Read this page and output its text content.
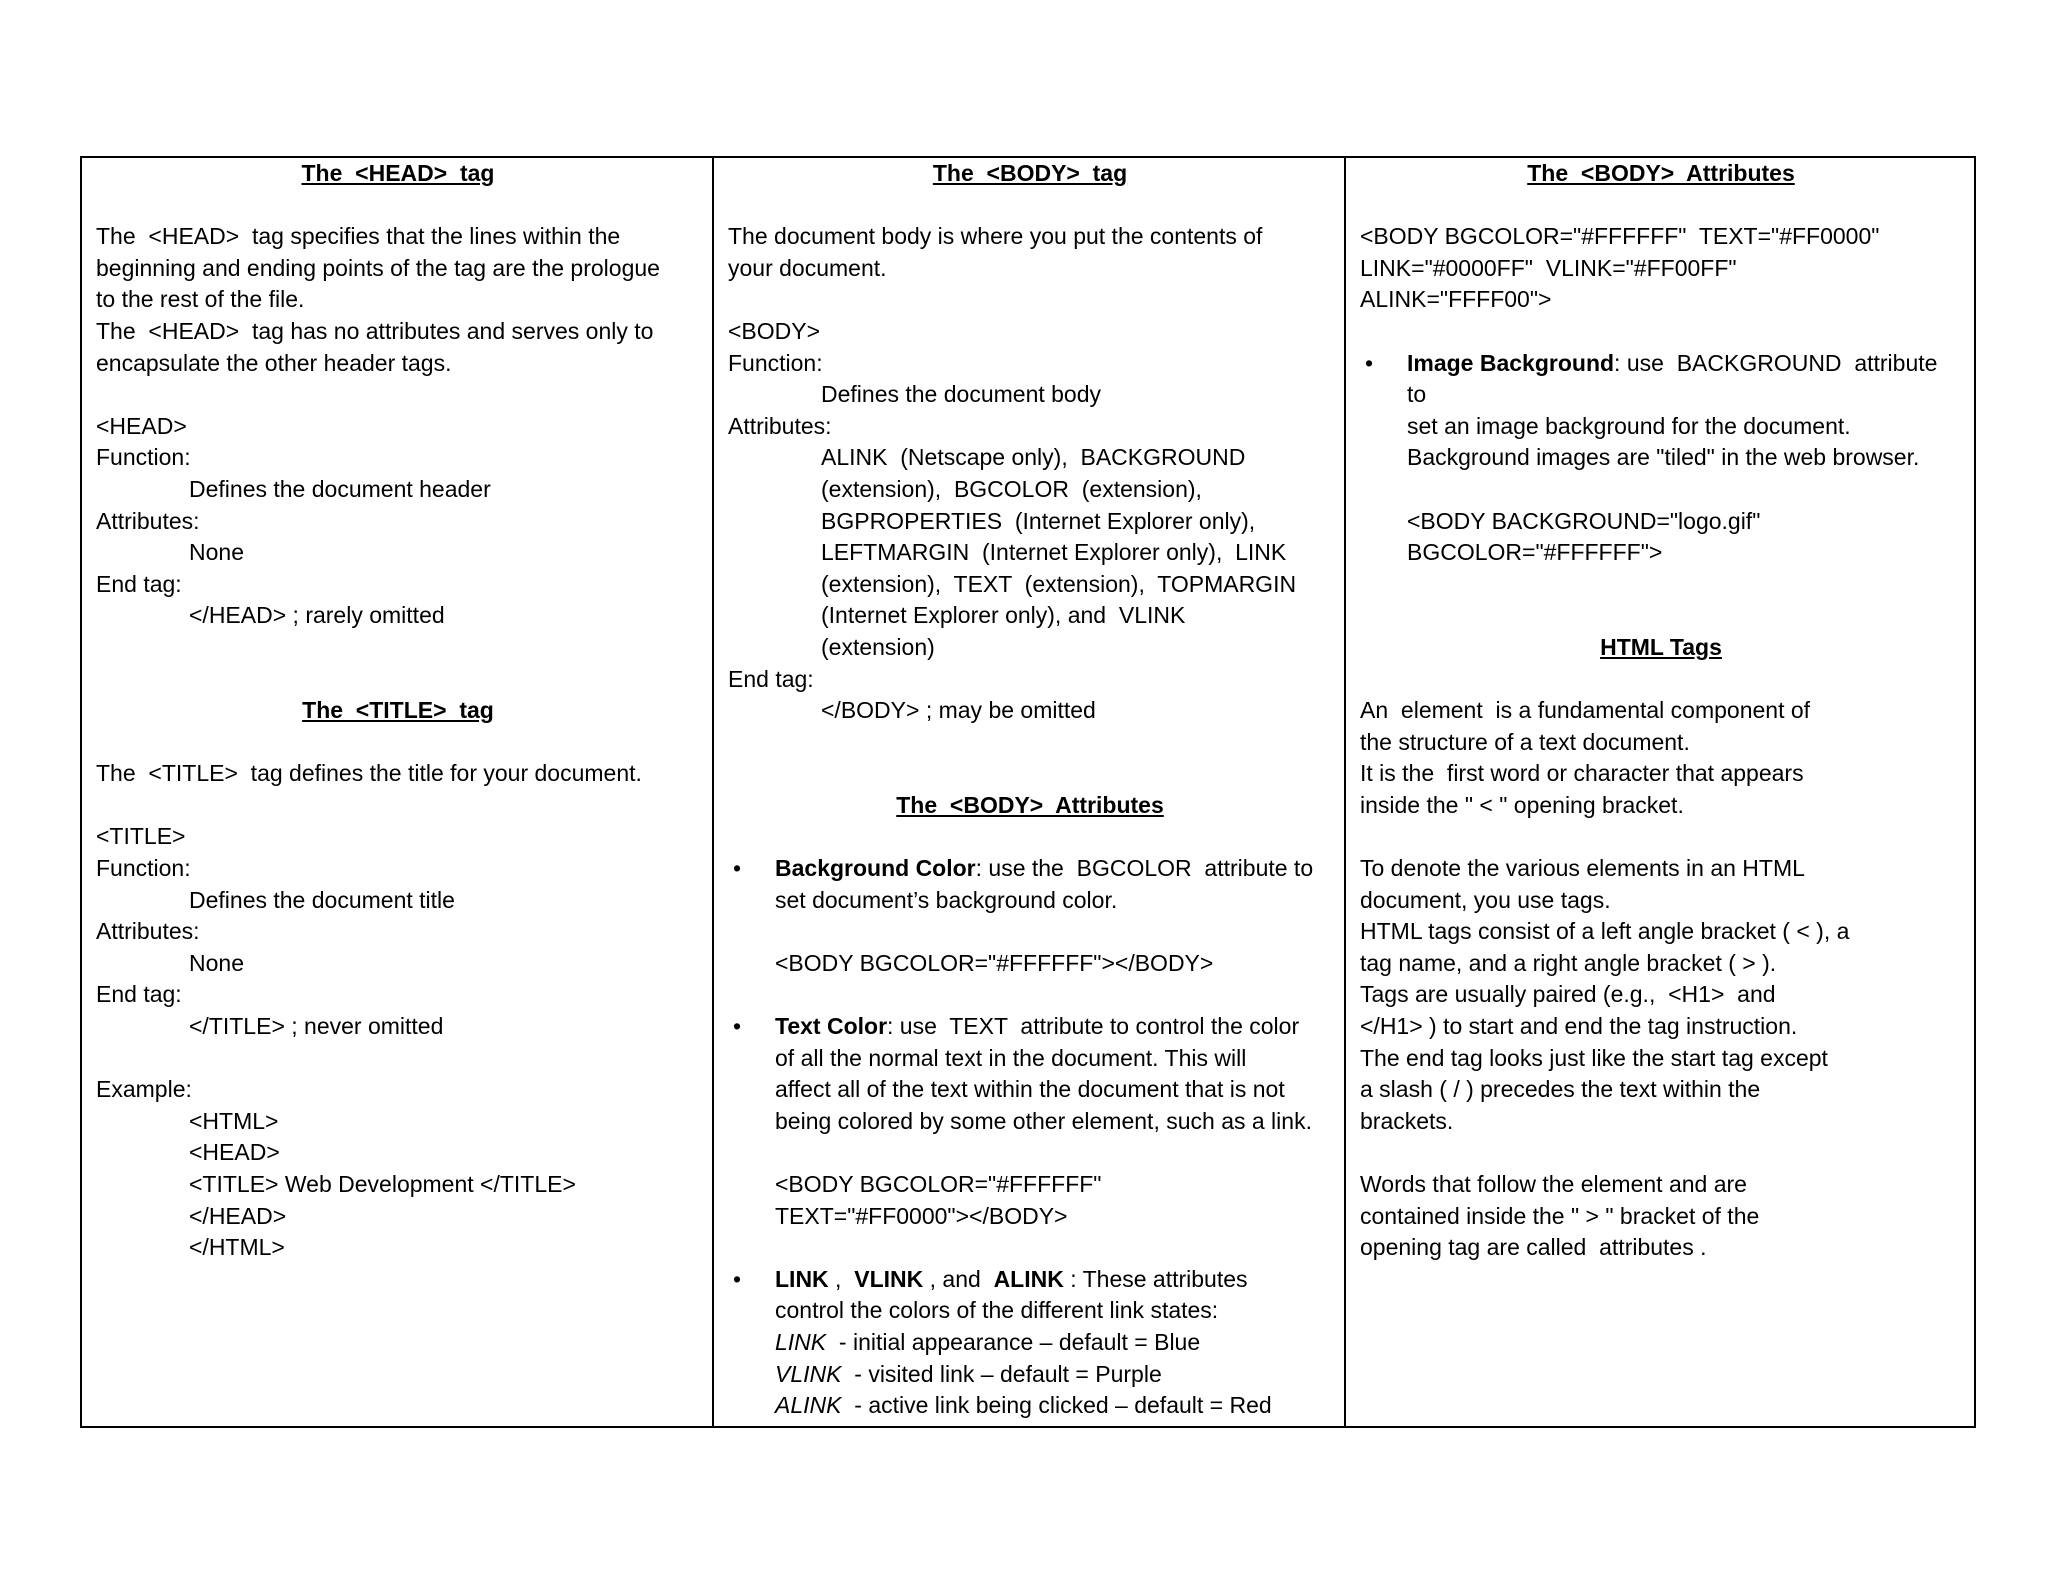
The  <HEAD>  tag
The  <HEAD>  tag specifies that the lines within the
beginning and ending points of the tag are the prologue
to the rest of the file.
The  <HEAD>  tag has no attributes and serves only to
encapsulate the other header tags.
<HEAD>
Function:
Defines the document header
Attributes:
None
End tag:
</HEAD> ; rarely omitted
The  <TITLE>  tag
The  <TITLE>  tag defines the title for your document.
<TITLE>
Function:
Defines the document title
Attributes:
None
End tag:
</TITLE> ; never omitted
Example:
<HTML>
<HEAD>
<TITLE> Web Development </TITLE>
</HEAD>
</HTML>
The  <BODY>  tag
The document body is where you put the contents of
your document.
<BODY>
Function:
Defines the document body
Attributes:
ALINK  (Netscape only),  BACKGROUND
(extension),  BGCOLOR  (extension),
BGPROPERTIES  (Internet Explorer only),
LEFTMARGIN  (Internet Explorer only),  LINK
(extension),  TEXT  (extension),  TOPMARGIN
(Internet Explorer only), and  VLINK
(extension)
End tag:
</BODY> ; may be omitted
The  <BODY>  Attributes
• Background Color: use the  BGCOLOR  attribute to
set document’s background color.
<BODY BGCOLOR="#FFFFFF"></BODY>
• Text Color: use  TEXT  attribute to control the color
of all the normal text in the document. This will
affect all of the text within the document that is not
being colored by some other element, such as a link.
<BODY BGCOLOR="#FFFFFF"
TEXT="#FF0000"></BODY>
• LINK ,  VLINK , and  ALINK : These attributes
control the colors of the different link states:
LINK  - initial appearance – default = Blue
VLINK  - visited link – default = Purple
ALINK  - active link being clicked – default = Red
The  <BODY>  Attributes
<BODY BGCOLOR="#FFFFFF"  TEXT="#FF0000"
LINK="#0000FF"  VLINK="#FF00FF"
ALINK="FFFF00">
• Image Background: use  BACKGROUND  attribute to
set an image background for the document.
Background images are "tiled" in the web browser.
<BODY BACKGROUND="logo.gif"
BGCOLOR="#FFFFFF">
HTML Tags
An  element  is a fundamental component of
the structure of a text document.
It is the  first word or character that appears
inside the " < " opening bracket.
To denote the various elements in an HTML
document, you use tags.
HTML tags consist of a left angle bracket ( < ), a
tag name, and a right angle bracket ( > ).
Tags are usually paired (e.g.,  <H1>  and
</H1> ) to start and end the tag instruction.
The end tag looks just like the start tag except
a slash ( / ) precedes the text within the
brackets.
Words that follow the element and are
contained inside the " > " bracket of the
opening tag are called  attributes .
